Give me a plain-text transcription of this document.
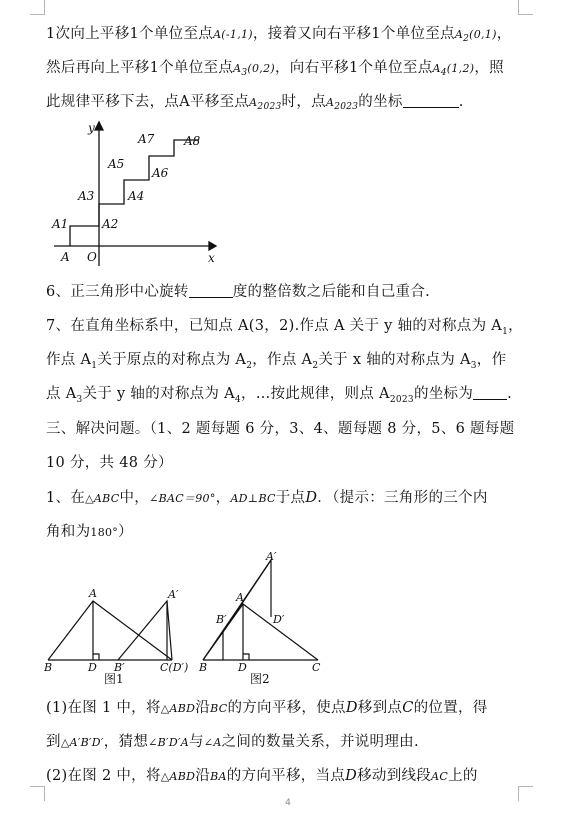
1次向上平移1个单位至点A(-1,1)，接着又向右平移1个单位至点$A_2(0,1)$，
然后再向上平移1个单位至点$A_3(0,2)$，向右平移1个单位至点$A_4(1,2)$，照
此规律平移下去，点A平移至点$A_{2023}$时，点$A_{2023}$的坐标	.
y
x
O
A
A1	A2
A3	A4
A5
A6
A7 A8
6、正三角形中心旋转	度的整倍数之后能和自己重合.
7、在直角坐标系中，已知点 A(3，2).作点 A 关于 y 轴的对称点为 $A_1$，
作点 $A_1$关于原点的对称点为 $A_2$，作点 $A_2$关于 x 轴的对称点为 $A_3$，作
点 $A_3$关于 y 轴的对称点为 $A_4$，…按此规律，则点 $A_{2023}$的坐标为 .
三、解决问题。（1、2 题每题 6 分，3、4、题每题 8 分，5、6 题每题
10 分，共 48 分）
1、在△ABC中，∠BAC＝90°，AD⊥BC于点D．（提示：三角形的三个内
角和为180°）
A	A′
B	D B′	C(D′)
图1
A′
A
B′	D′
B	D	C
图2
(1)在图 1 中，将△ABD沿BC的方向平移，使点D移到点C的位置，得
到△A′B′D′，猜想∠B′D′A与∠A之间的数量关系，并说明理由.
(2)在图 2 中，将△ABD沿BA的方向平移，当点D移动到线段AC上的
4
